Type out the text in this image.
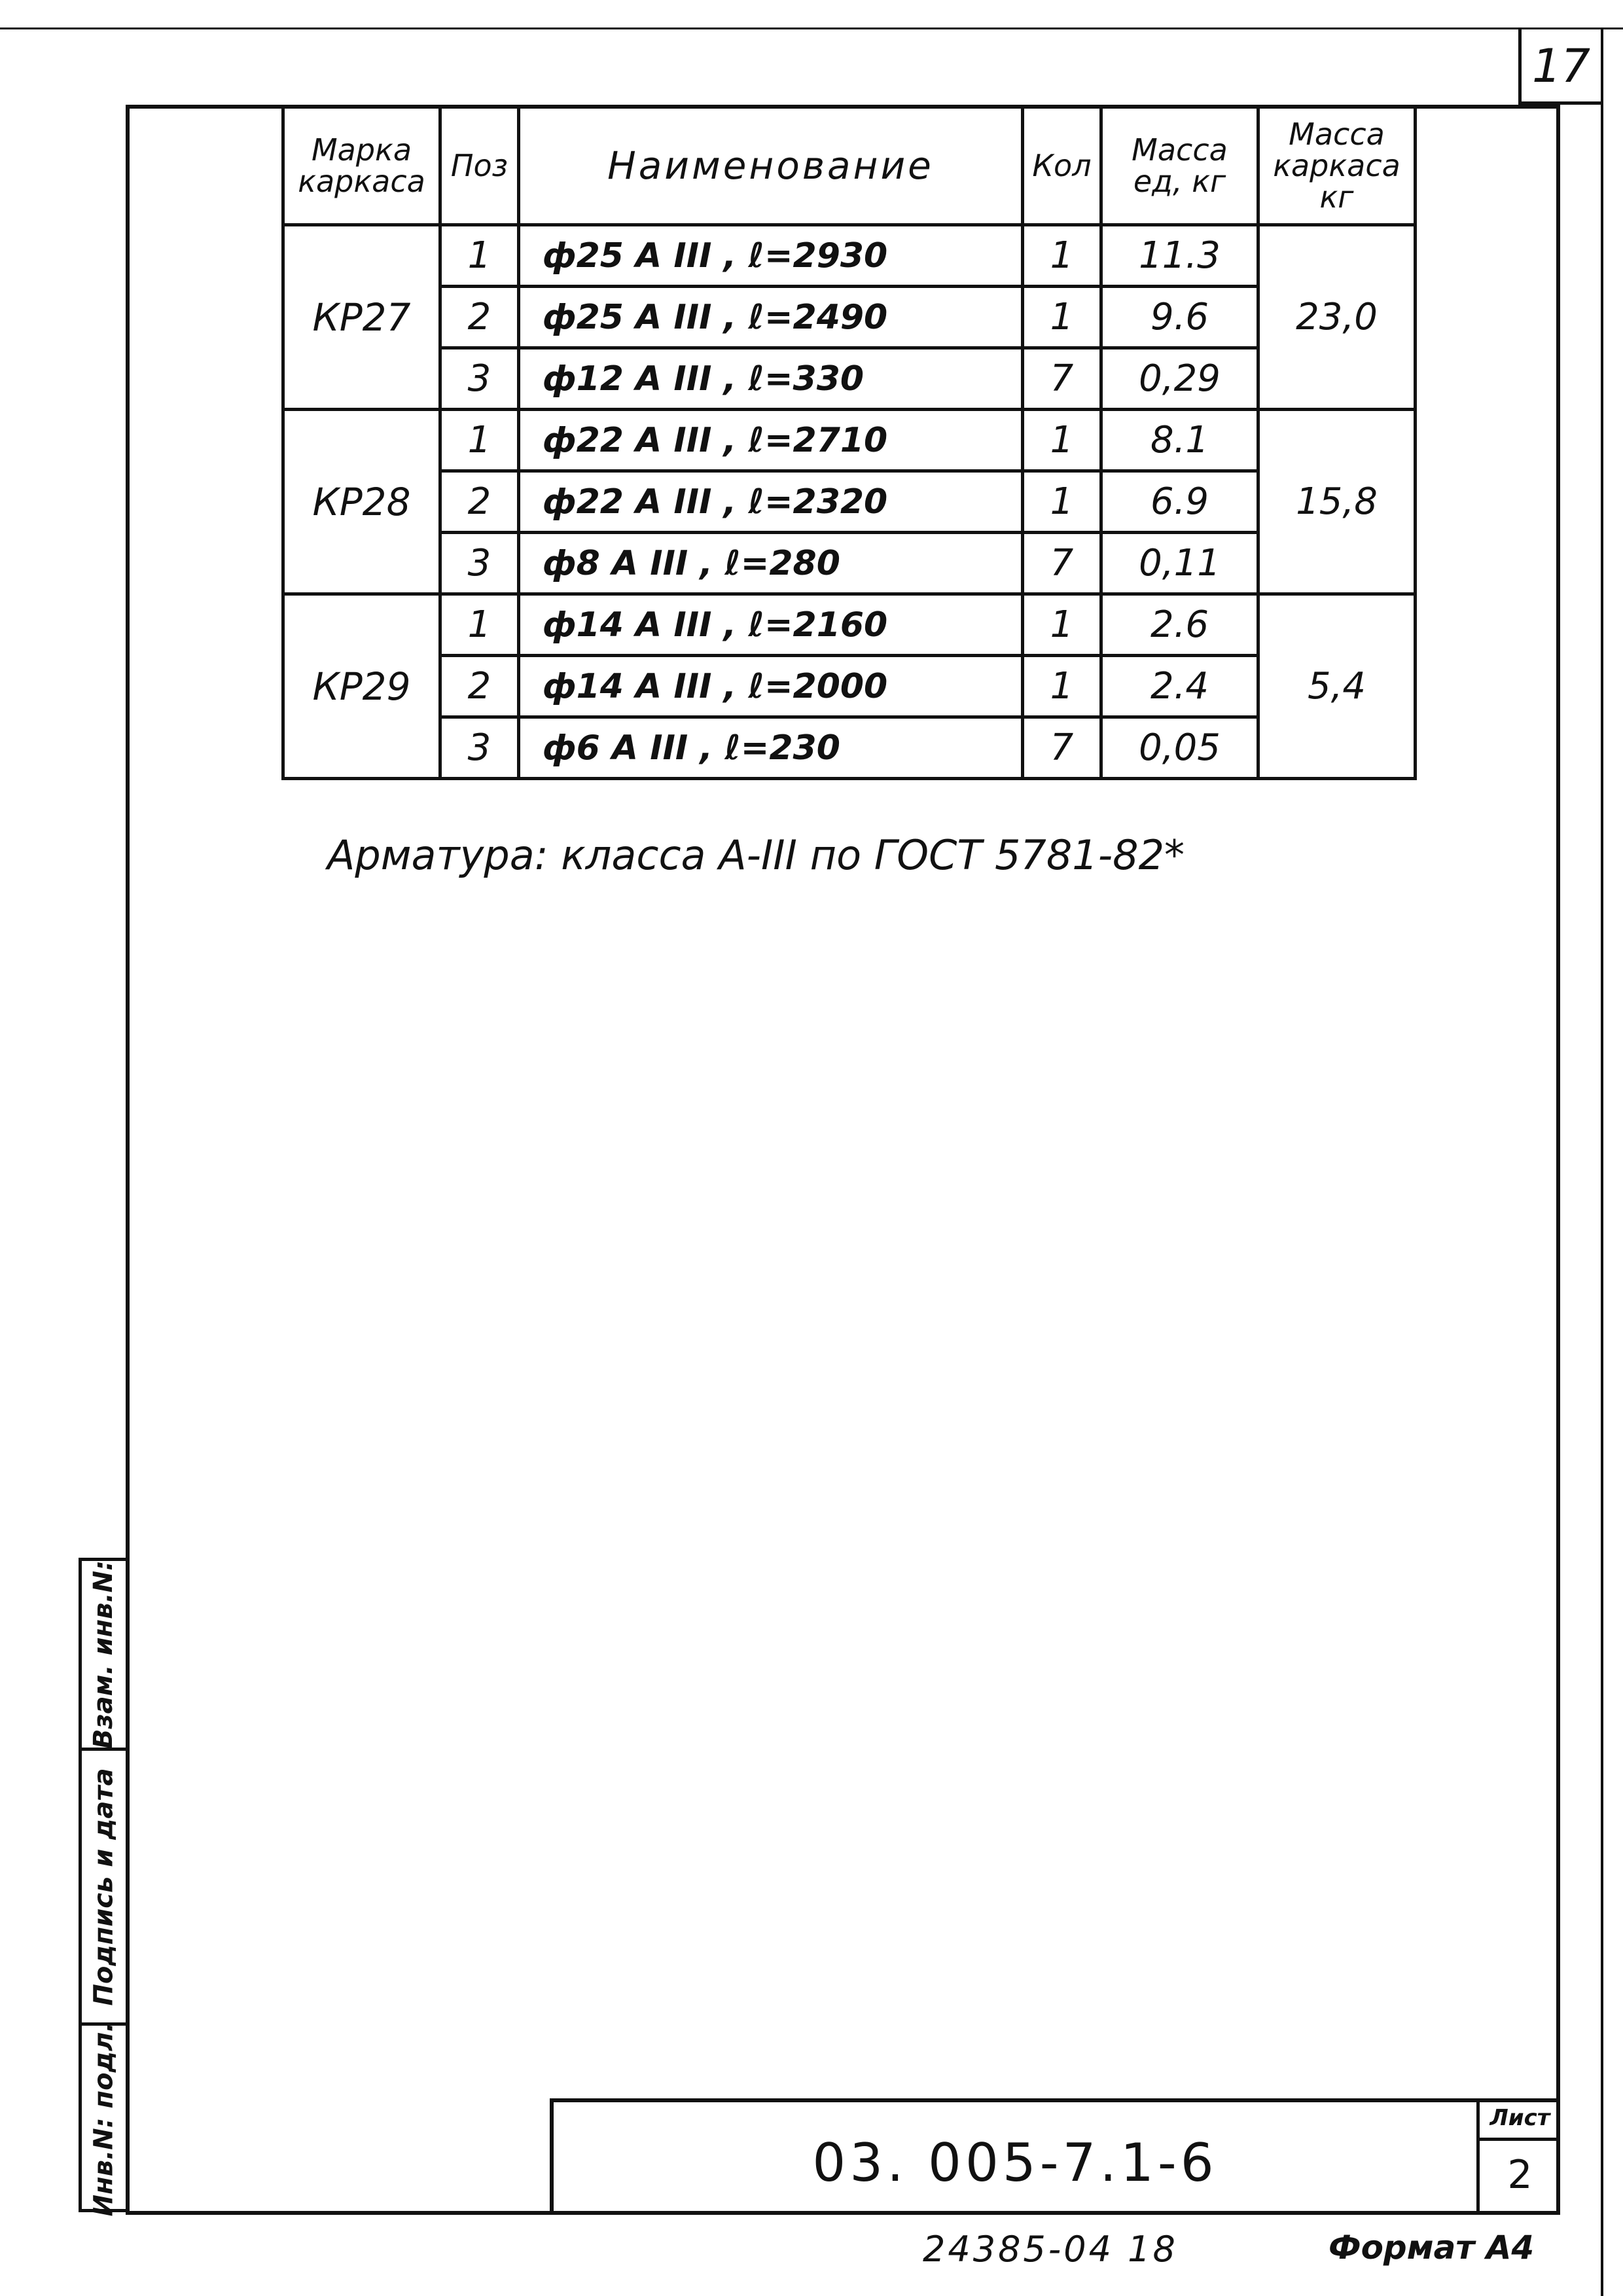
17
Марка каркаса	Поз	Наименование	Кол	Масса ед, кг	Масса каркаса кг
КР27	1	ф25 А III , ℓ=2930	1	11.3	23,0
	2	ф25 А III , ℓ=2490	1	9.6	
	3	ф12 А III , ℓ=330	7	0,29	
КР28	1	ф22 А III , ℓ=2710	1	8.1	15,8
	2	ф22 А III , ℓ=2320	1	6.9	
	3	ф8 А III , ℓ=280	7	0,11	
КР29	1	ф14 А III , ℓ=2160	1	2.6	5,4
	2	ф14 А III , ℓ=2000	1	2.4	
	3	ф6 А III , ℓ=230	7	0,05	
Арматура: класса А-III по ГОСТ 5781-82*
Взам. инв.N:
Подпись и дата
Инв.N: подл.	03. 005-7.1-6
Лист
2
24385-04 18	Формат А4
